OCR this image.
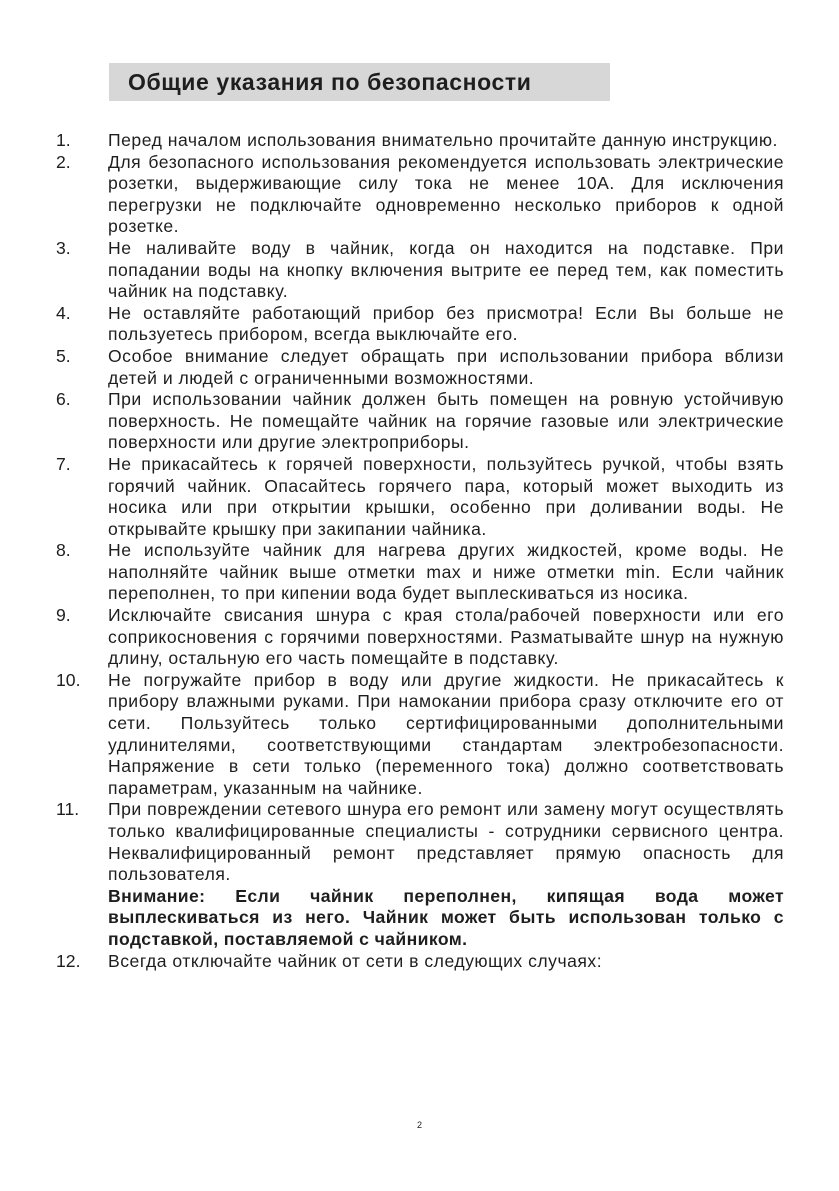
Общие указания по безопасности
1.	Перед началом использования внимательно прочитайте данную инструкцию.
2.	Для безопасного использования рекомендуется использовать электрические розетки, выдерживающие силу тока не менее 10А. Для исключения перегрузки не подключайте одновременно несколько приборов к одной розетке.
3.	Не наливайте воду в чайник, когда он находится на подставке. При попадании воды на кнопку включения вытрите ее перед тем, как поместить чайник на подставку.
4.	Не оставляйте работающий прибор без присмотра! Если Вы больше не пользуетесь прибором, всегда выключайте его.
5.	Особое внимание следует обращать при использовании прибора вблизи детей и людей с ограниченными возможностями.
6.	При использовании чайник должен быть помещен на ровную устойчивую поверхность. Не помещайте чайник на горячие газовые или электрические поверхности или другие электроприборы.
7.	Не прикасайтесь к горячей поверхности, пользуйтесь ручкой, чтобы взять горячий чайник. Опасайтесь горячего пара, который может выходить из носика или при открытии крышки, особенно при доливании воды. Не открывайте крышку при закипании чайника.
8.	Не используйте чайник для нагрева других жидкостей, кроме воды. Не наполняйте чайник выше отметки max и ниже отметки min. Если чайник переполнен, то при кипении вода будет выплескиваться из носика.
9.	Исключайте свисания шнура с края стола/рабочей поверхности или его соприкосновения с горячими поверхностями. Разматывайте шнур на нужную длину, остальную его часть помещайте в подставку.
10.	Не погружайте прибор в воду или другие жидкости. Не прикасайтесь к прибору влажными руками. При намокании прибора сразу отключите его от сети. Пользуйтесь только сертифицированными дополнительными удлинителями, соответствующими стандартам электробезопасности. Напряжение в сети только (переменного тока) должно соответствовать параметрам, указанным на чайнике.
11.	При повреждении сетевого шнура его ремонт или замену могут осуществлять только квалифицированные специалисты - сотрудники сервисного центра. Неквалифицированный ремонт представляет прямую опасность для пользователя.
Внимание: Если чайник переполнен, кипящая вода может выплескиваться из него. Чайник может быть использован только с подставкой, поставляемой с чайником.
12.	Всегда отключайте чайник от сети в следующих случаях:
2
